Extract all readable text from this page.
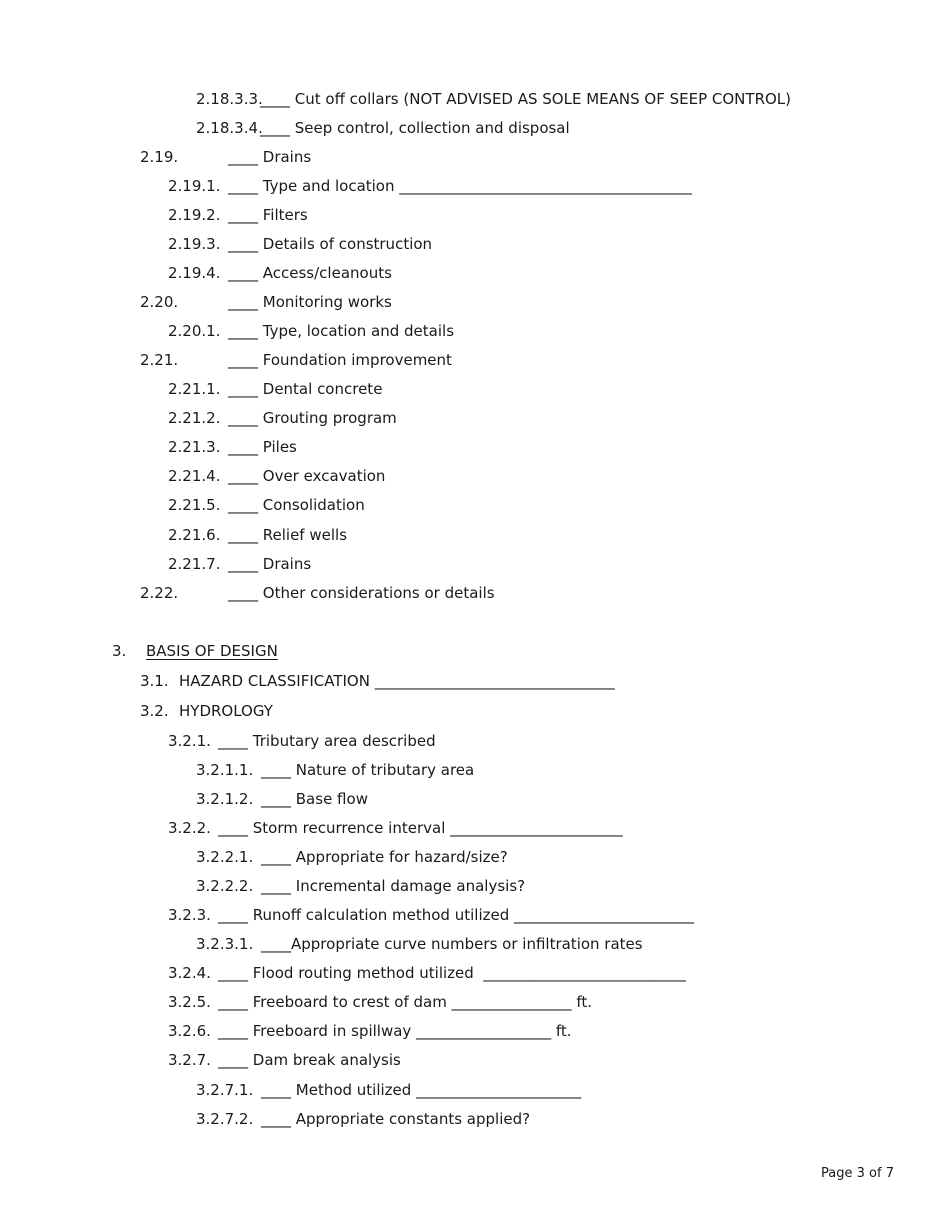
2.18.3.3.____ Cut off collars (NOT ADVISED AS SOLE MEANS OF SEEP CONTROL)
2.18.3.4.____ Seep control, collection and disposal
2.19.	____ Drains
2.19.1. ____ Type and location _______________________________________
2.19.2. ____ Filters
2.19.3. ____ Details of construction
2.19.4. ____ Access/cleanouts
2.20.	____ Monitoring works
2.20.1. ____ Type, location and details
2.21.	____ Foundation improvement
2.21.1. ____ Dental concrete
2.21.2. ____ Grouting program
2.21.3. ____ Piles
2.21.4. ____ Over excavation
2.21.5. ____ Consolidation
2.21.6. ____ Relief wells
2.21.7. ____ Drains
2.22.	____ Other considerations or details
3. BASIS OF DESIGN
3.1. HAZARD CLASSIFICATION ________________________________
3.2. HYDROLOGY
3.2.1. ____ Tributary area described
3.2.1.1. ____ Nature of tributary area
3.2.1.2. ____ Base flow
3.2.2. ____ Storm recurrence interval _______________________
3.2.2.1. ____ Appropriate for hazard/size?
3.2.2.2. ____ Incremental damage analysis?
3.2.3. ____ Runoff calculation method utilized ________________________
3.2.3.1. ____Appropriate curve numbers or infiltration rates
3.2.4. ____ Flood routing method utilized  ___________________________
3.2.5. ____ Freeboard to crest of dam ________________ ft.
3.2.6. ____ Freeboard in spillway __________________ ft.
3.2.7. ____ Dam break analysis
3.2.7.1. ____ Method utilized ______________________
3.2.7.2. ____ Appropriate constants applied?
Page 3 of 7
